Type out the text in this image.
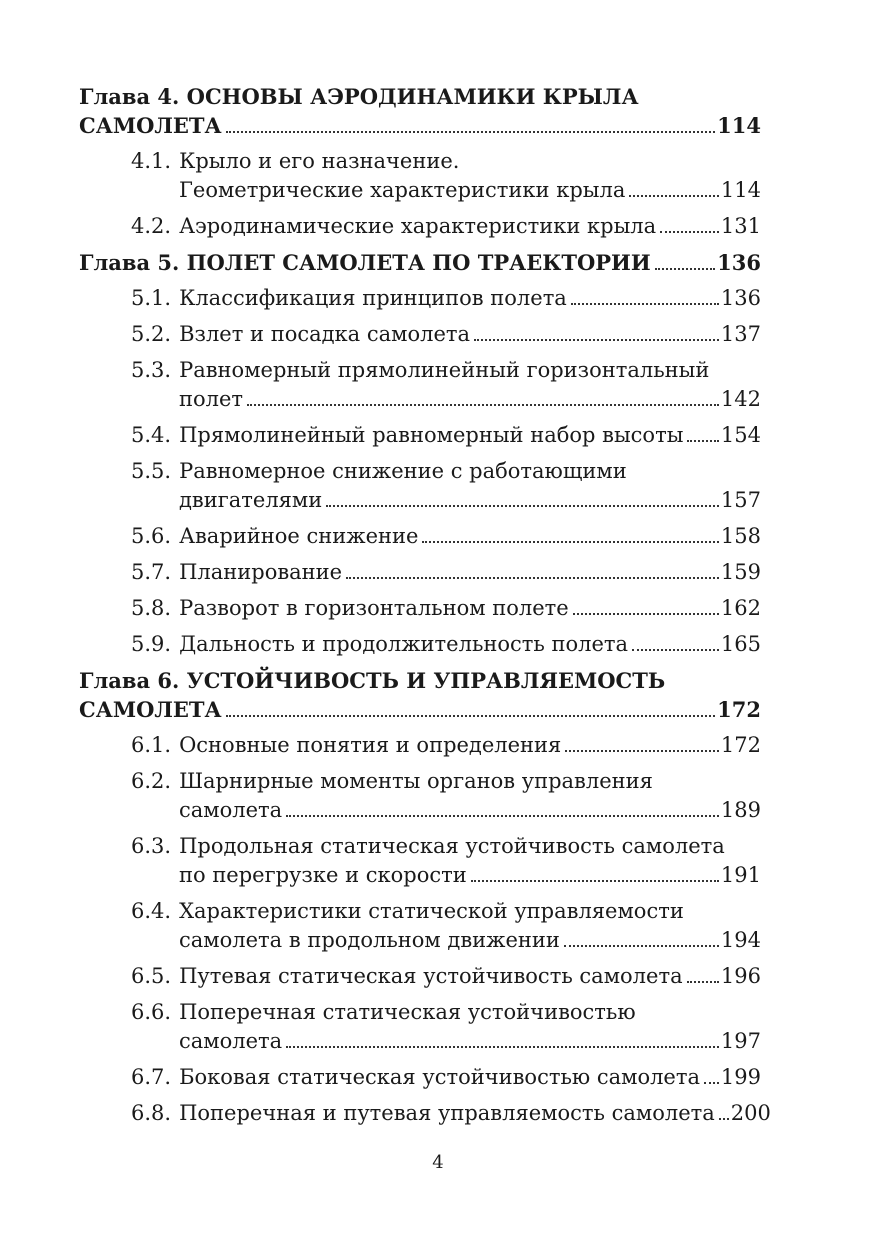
Глава 4. ОСНОВЫ АЭРОДИНАМИКИ КРЫЛА
САМОЛЕТА	114
4.1. Крыло и его назначение.
Геометрические характеристики крыла	114
4.2. Аэродинамические характеристики крыла	131
Глава 5. ПОЛЕТ САМОЛЕТА ПО ТРАЕКТОРИИ	136
5.1. Классификация принципов полета	136
5.2. Взлет и посадка самолета	137
5.3. Равномерный прямолинейный горизонтальный
полет	142
5.4. Прямолинейный равномерный набор высоты 154
5.5. Равномерное снижение с работающими
двигателями	157
5.6. Аварийное снижение	158
5.7. Планирование	159
5.8. Разворот в горизонтальном полете	162
5.9. Дальность и продолжительность полета	165
Глава 6. УСТОЙЧИВОСТЬ И УПРАВЛЯЕМОСТЬ
САМОЛЕТА	172
6.1. Основные понятия и определения	172
6.2. Шарнирные моменты органов управления
самолета	189
6.3. Продольная статическая устойчивость самолета
по перегрузке и скорости	191
6.4. Характеристики статической управляемости
самолета в продольном движении	194
6.5. Путевая статическая устойчивость самолета 196
6.6. Поперечная статическая устойчивостью
самолета	197
6.7. Боковая статическая устойчивостью самолета 199
6.8. Поперечная и путевая управляемость самолета 200
4
